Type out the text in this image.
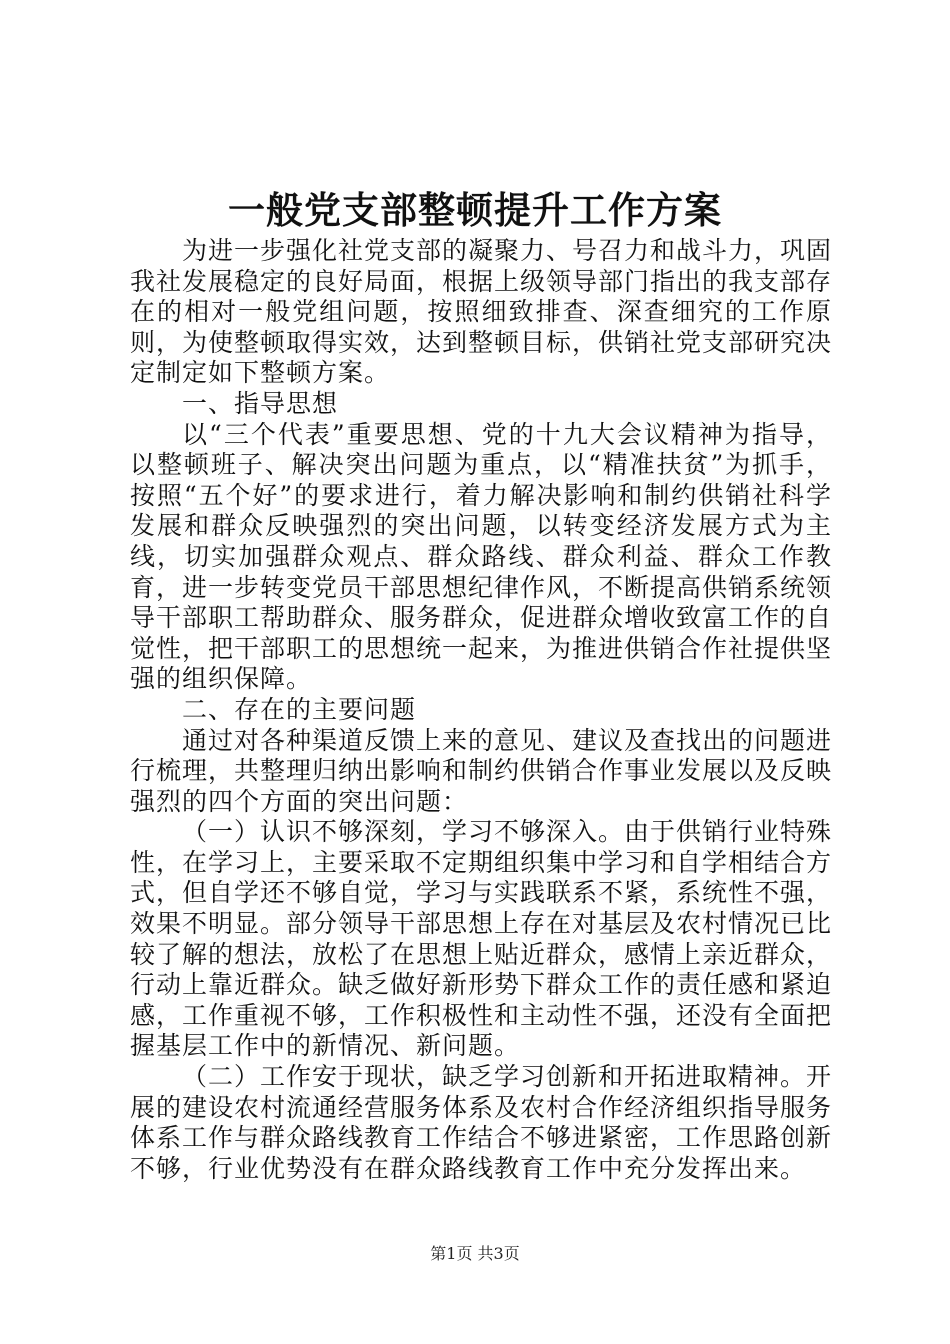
一般党支部整顿提升工作方案

为进一步强化社党支部的凝聚力、号召力和战斗力，巩固我社发展稳定的良好局面，根据上级领导部门指出的我支部存在的相对一般党组问题，按照细致排查、深查细究的工作原则，为使整顿取得实效，达到整顿目标，供销社党支部研究决定制定如下整顿方案。

一、指导思想

以“三个代表”重要思想、党的十九大会议精神为指导，以整顿班子、解决突出问题为重点，以“精准扶贫”为抓手，按照“五个好”的要求进行，着力解决影响和制约供销社科学发展和群众反映强烈的突出问题，以转变经济发展方式为主线，切实加强群众观点、群众路线、群众利益、群众工作教育，进一步转变党员干部思想纪律作风，不断提高供销系统领导干部职工帮助群众、服务群众，促进群众增收致富工作的自觉性，把干部职工的思想统一起来，为推进供销合作社提供坚强的组织保障。

二、存在的主要问题

通过对各种渠道反馈上来的意见、建议及查找出的问题进行梳理，共整理归纳出影响和制约供销合作事业发展以及反映强烈的四个方面的突出问题：

（一）认识不够深刻，学习不够深入。由于供销行业特殊性，在学习上，主要采取不定期组织集中学习和自学相结合方式，但自学还不够自觉，学习与实践联系不紧，系统性不强，效果不明显。部分领导干部思想上存在对基层及农村情况已比较了解的想法，放松了在思想上贴近群众，感情上亲近群众，行动上靠近群众。缺乏做好新形势下群众工作的责任感和紧迫感，工作重视不够，工作积极性和主动性不强，还没有全面把握基层工作中的新情况、新问题。

（二）工作安于现状，缺乏学习创新和开拓进取精神。开展的建设农村流通经营服务体系及农村合作经济组织指导服务体系工作与群众路线教育工作结合不够进紧密，工作思路创新不够，行业优势没有在群众路线教育工作中充分发挥出来。

第1页 共3页
